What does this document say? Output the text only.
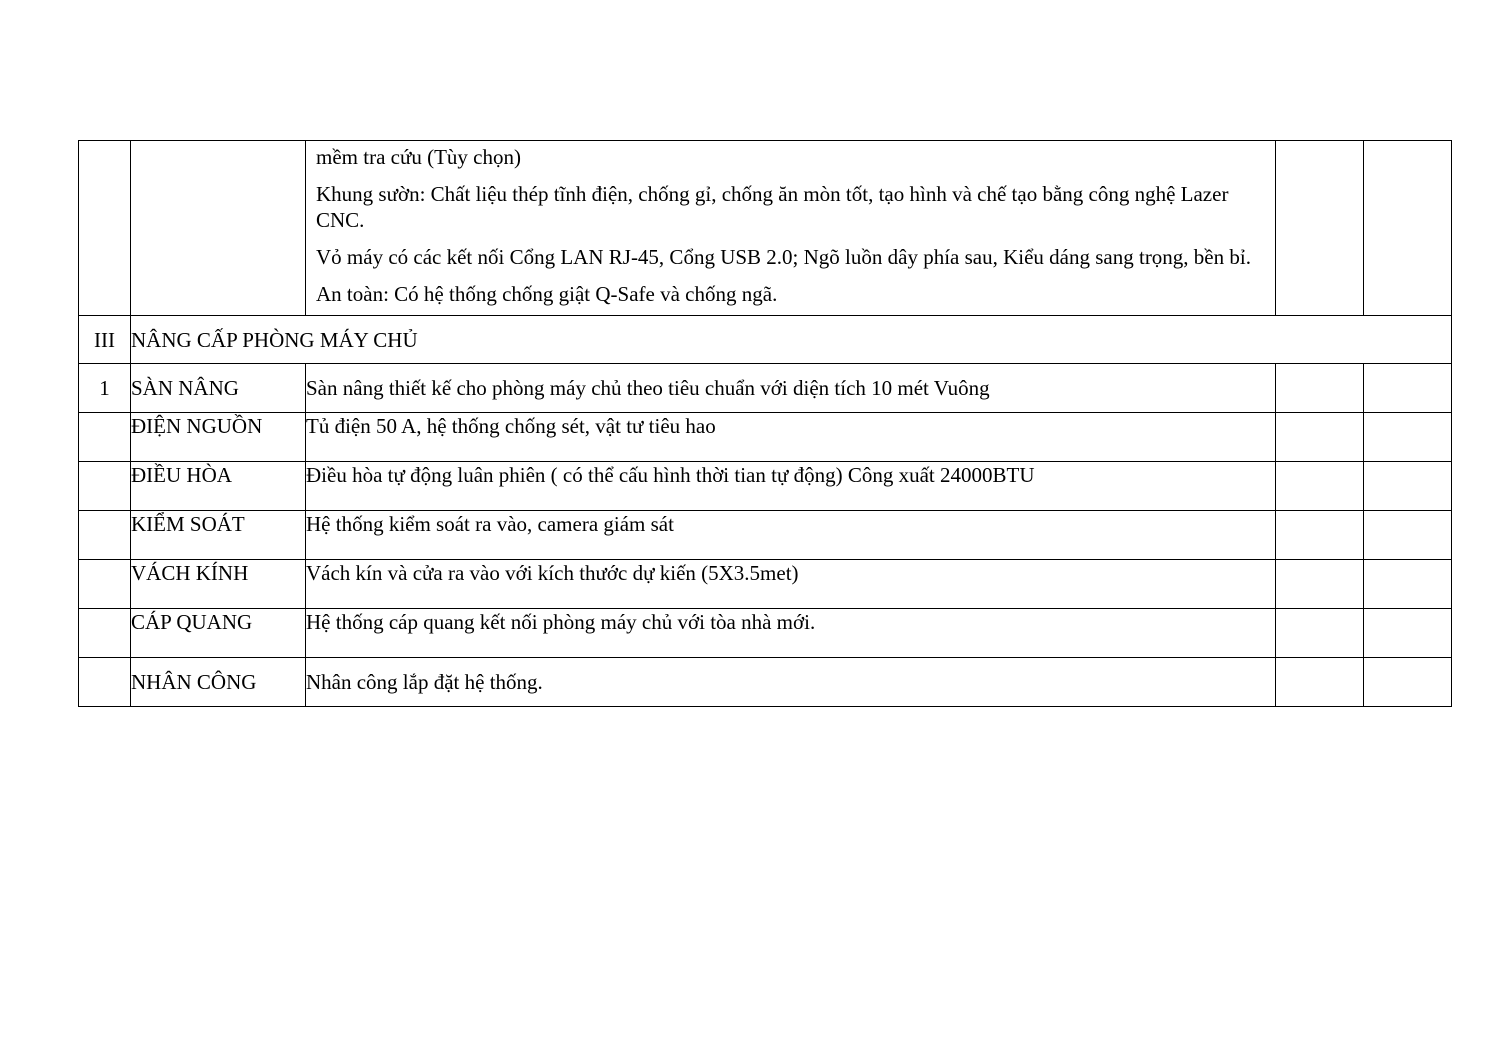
		mềm tra cứu (Tùy chọn)

Khung sườn: Chất liệu thép tĩnh điện, chống gỉ, chống ăn mòn tốt, tạo hình và chế tạo bằng công nghệ Lazer CNC.

Vỏ máy có các kết nối Cổng LAN RJ-45, Cổng USB 2.0; Ngõ luồn dây phía sau, Kiểu dáng sang trọng, bền bỉ.

An toàn: Có hệ thống chống giật Q-Safe và chống ngã.		

III	NÂNG CẤP PHÒNG MÁY CHỦ			
1	SÀN NÂNG	Sàn nâng thiết kế cho phòng máy chủ theo tiêu chuẩn với diện tích 10 mét Vuông		
	ĐIỆN NGUỒN	Tủ điện 50 A, hệ thống chống sét, vật tư tiêu hao		
	ĐIỀU HÒA	Điều hòa tự động luân phiên ( có thể cấu hình thời tian tự động) Công xuất 24000BTU		
	KIỂM SOÁT	Hệ thống kiểm soát ra vào, camera giám sát		
	VÁCH KÍNH	Vách kín và cửa ra vào với kích thước dự kiến (5X3.5met)		
	CÁP QUANG	Hệ thống cáp quang kết nối phòng máy chủ với tòa nhà mới.		
	NHÂN CÔNG	Nhân công lắp đặt hệ thống.		
